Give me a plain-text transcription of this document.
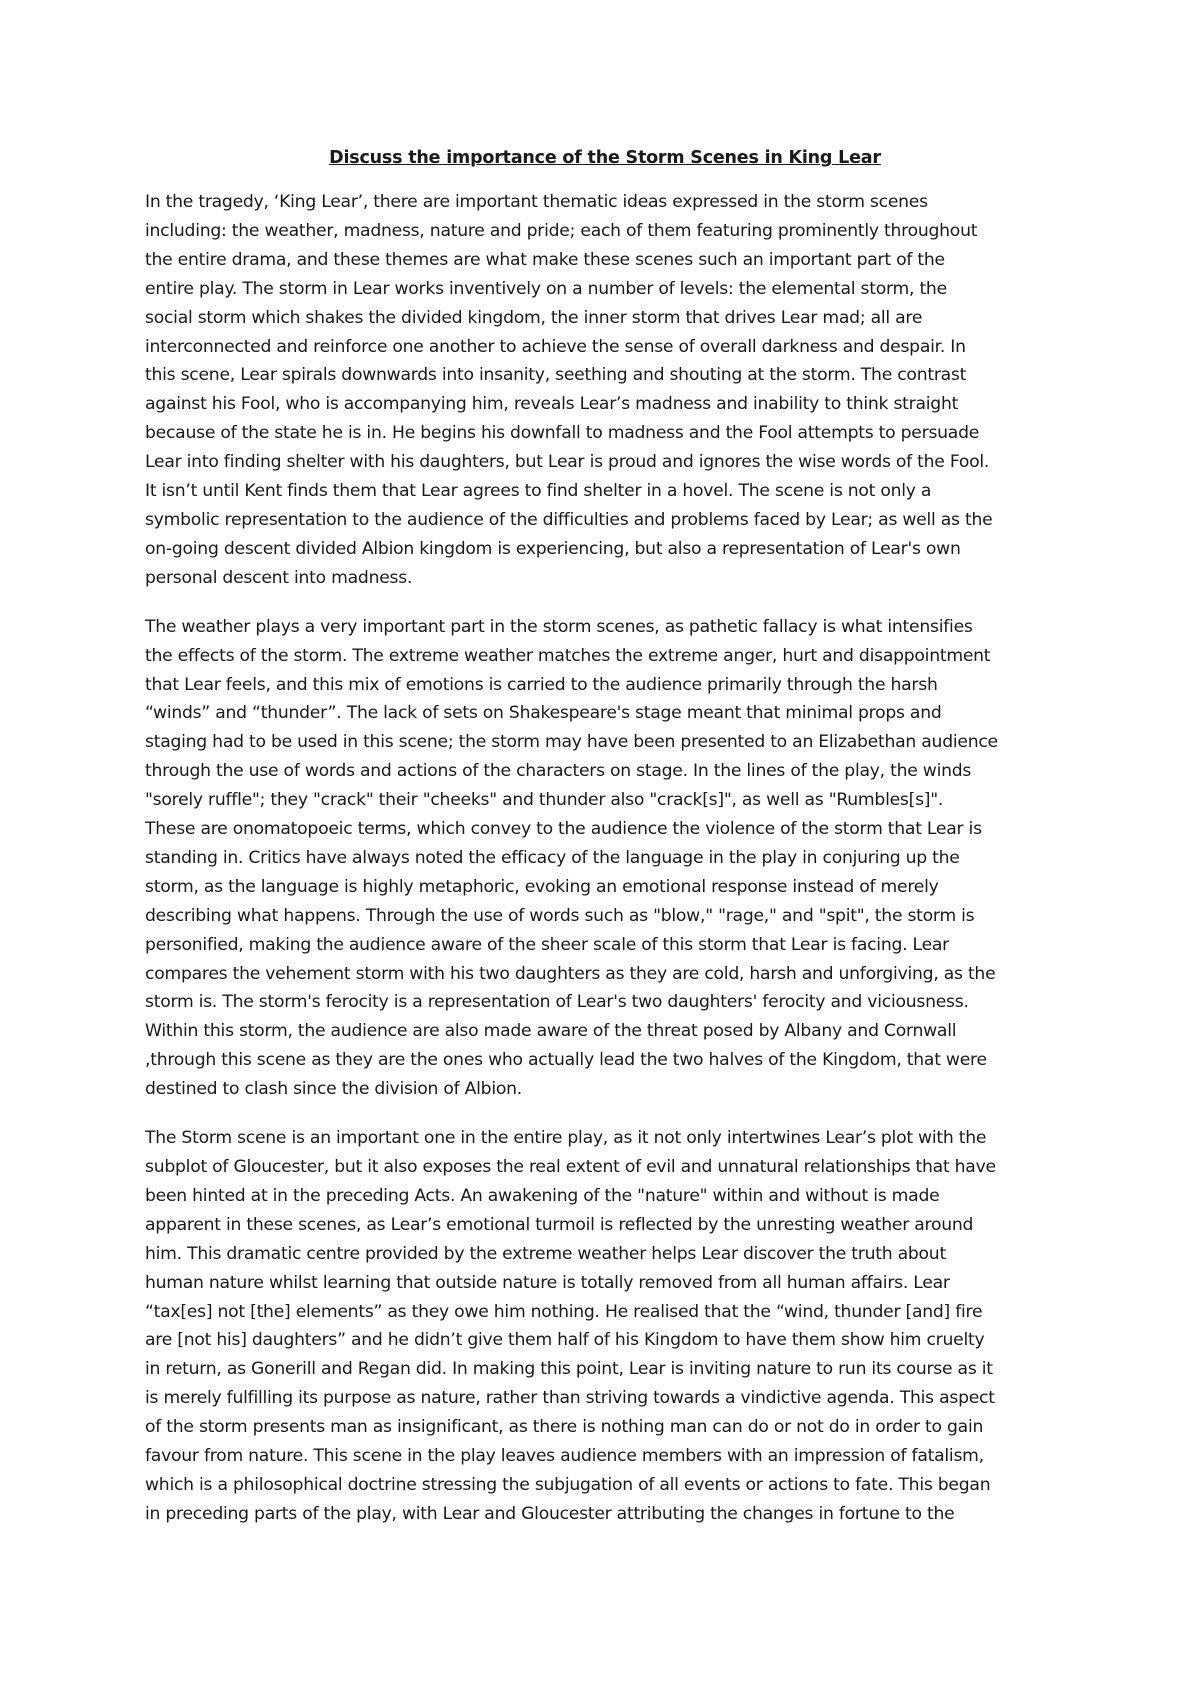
Discuss the importance of the Storm Scenes in King Lear

In the tragedy, ‘King Lear’, there are important thematic ideas expressed in the storm scenes
including: the weather, madness, nature and pride; each of them featuring prominently throughout
the entire drama, and these themes are what make these scenes such an important part of the
entire play. The storm in Lear works inventively on a number of levels: the elemental storm, the
social storm which shakes the divided kingdom, the inner storm that drives Lear mad; all are
interconnected and reinforce one another to achieve the sense of overall darkness and despair. In
this scene, Lear spirals downwards into insanity, seething and shouting at the storm. The contrast
against his Fool, who is accompanying him, reveals Lear’s madness and inability to think straight
because of the state he is in. He begins his downfall to madness and the Fool attempts to persuade
Lear into finding shelter with his daughters, but Lear is proud and ignores the wise words of the Fool.
It isn’t until Kent finds them that Lear agrees to find shelter in a hovel. The scene is not only a
symbolic representation to the audience of the difficulties and problems faced by Lear; as well as the
on-going descent divided Albion kingdom is experiencing, but also a representation of Lear's own
personal descent into madness.

The weather plays a very important part in the storm scenes, as pathetic fallacy is what intensifies
the effects of the storm. The extreme weather matches the extreme anger, hurt and disappointment
that Lear feels, and this mix of emotions is carried to the audience primarily through the harsh
“winds” and “thunder”. The lack of sets on Shakespeare's stage meant that minimal props and
staging had to be used in this scene; the storm may have been presented to an Elizabethan audience
through the use of words and actions of the characters on stage. In the lines of the play, the winds
"sorely ruffle"; they "crack" their "cheeks" and thunder also "crack[s]", as well as "Rumbles[s]".
These are onomatopoeic terms, which convey to the audience the violence of the storm that Lear is
standing in. Critics have always noted the efficacy of the language in the play in conjuring up the
storm, as the language is highly metaphoric, evoking an emotional response instead of merely
describing what happens. Through the use of words such as "blow," "rage," and "spit", the storm is
personified, making the audience aware of the sheer scale of this storm that Lear is facing. Lear
compares the vehement storm with his two daughters as they are cold, harsh and unforgiving, as the
storm is. The storm's ferocity is a representation of Lear's two daughters' ferocity and viciousness.
Within this storm, the audience are also made aware of the threat posed by Albany and Cornwall
,through this scene as they are the ones who actually lead the two halves of the Kingdom, that were
destined to clash since the division of Albion.

The Storm scene is an important one in the entire play, as it not only intertwines Lear’s plot with the
subplot of Gloucester, but it also exposes the real extent of evil and unnatural relationships that have
been hinted at in the preceding Acts. An awakening of the "nature" within and without is made
apparent in these scenes, as Lear’s emotional turmoil is reflected by the unresting weather around
him. This dramatic centre provided by the extreme weather helps Lear discover the truth about
human nature whilst learning that outside nature is totally removed from all human affairs. Lear
“tax[es] not [the] elements” as they owe him nothing. He realised that the “wind, thunder [and] fire
are [not his] daughters” and he didn’t give them half of his Kingdom to have them show him cruelty
in return, as Gonerill and Regan did. In making this point, Lear is inviting nature to run its course as it
is merely fulfilling its purpose as nature, rather than striving towards a vindictive agenda. This aspect
of the storm presents man as insignificant, as there is nothing man can do or not do in order to gain
favour from nature. This scene in the play leaves audience members with an impression of fatalism,
which is a philosophical doctrine stressing the subjugation of all events or actions to fate. This began
in preceding parts of the play, with Lear and Gloucester attributing the changes in fortune to the
